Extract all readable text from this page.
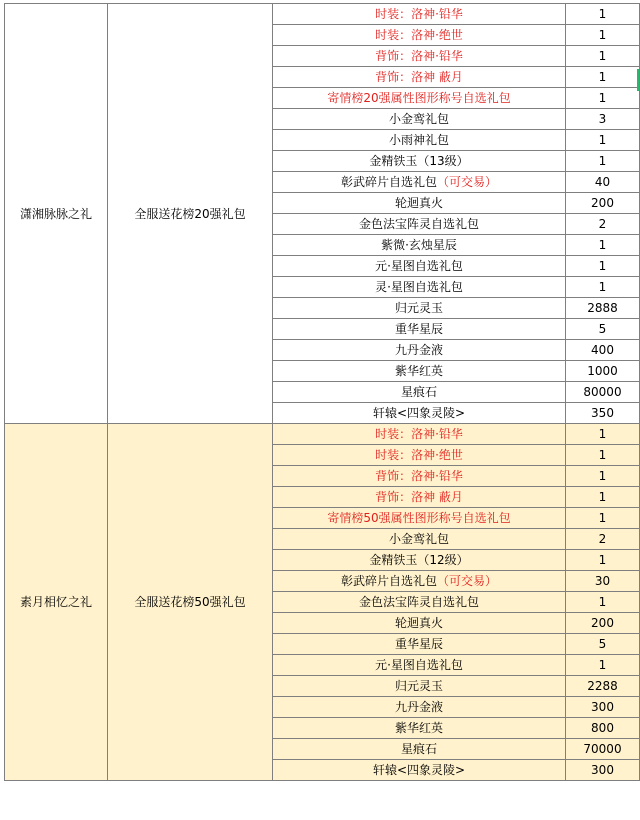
潇湘脉脉之礼	全服送花榜20强礼包	时装：洛神·铅华	1
		时装：洛神·绝世	1
		背饰：洛神·铅华	1
		背饰：洛神 蔽月	1
		寄情榜20强属性图形称号自选礼包	1
		小金鸾礼包	3
		小雨神礼包	1
		金精铁玉（13级）	1
		彰武碎片自选礼包（可交易）	40
		轮迴真火	200
		金色法宝阵灵自选礼包	2
		紫微·玄烛星辰	1
		元·星图自选礼包	1
		灵·星图自选礼包	1
		归元灵玉	2888
		重华星辰	5
		九丹金液	400
		紫华红英	1000
		星痕石	80000
		轩辕<四象灵陵>	350
素月相忆之礼	全服送花榜50强礼包	时装：洛神·铅华	1
		时装：洛神·绝世	1
		背饰：洛神·铅华	1
		背饰：洛神 蔽月	1
		寄情榜50强属性图形称号自选礼包	1
		小金鸾礼包	2
		金精铁玉（12级）	1
		彰武碎片自选礼包（可交易）	30
		金色法宝阵灵自选礼包	1
		轮迴真火	200
		重华星辰	5
		元·星图自选礼包	1
		归元灵玉	2288
		九丹金液	300
		紫华红英	800
		星痕石	70000
		轩辕<四象灵陵>	300
